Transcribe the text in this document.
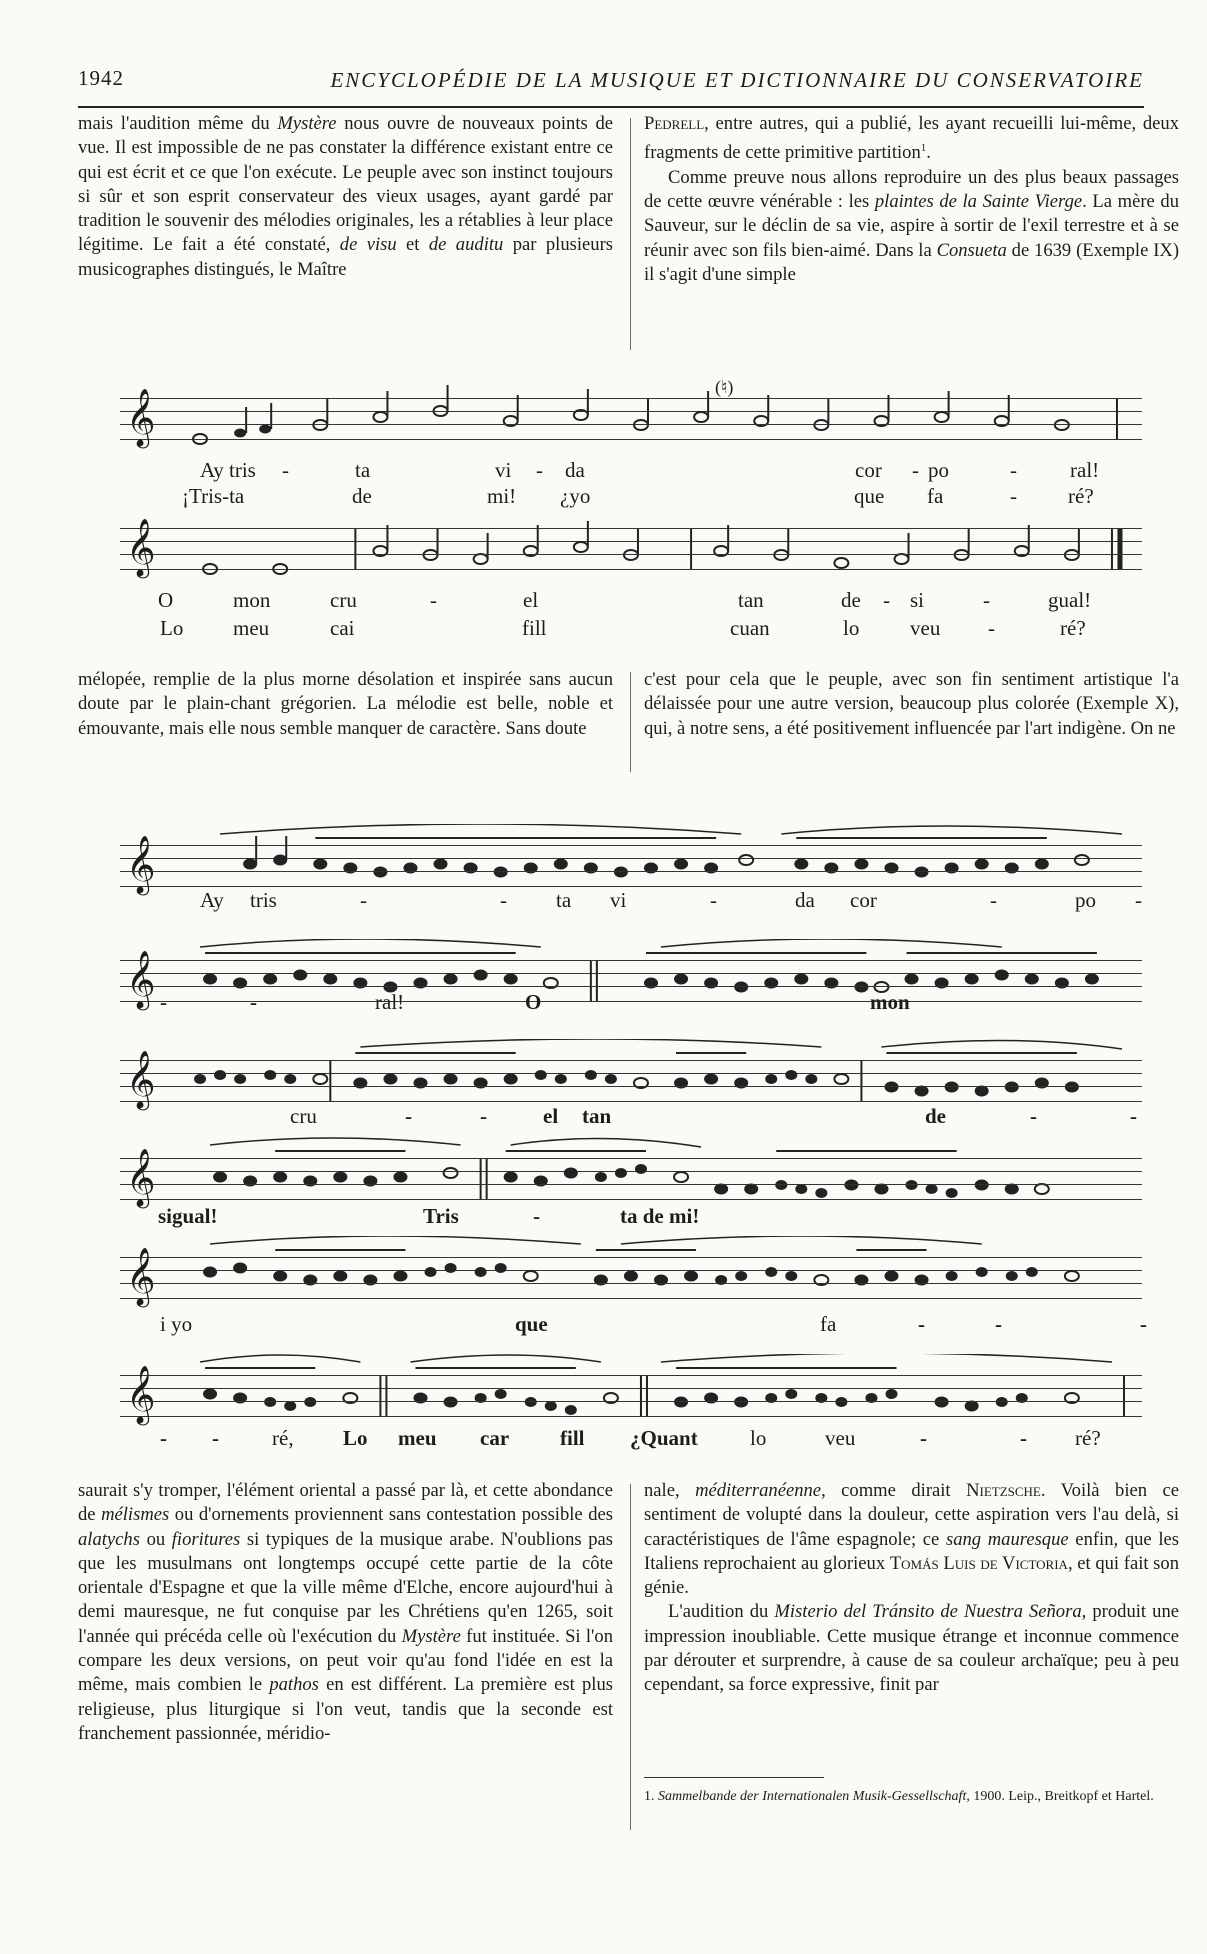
1942	ENCYCLOPÉDIE DE LA MUSIQUE ET DICTIONNAIRE DU CONSERVATOIRE

mais l'audition même du Mystère nous ouvre de nouveaux points de vue. Il est impossible de ne pas constater la différence existant entre ce qui est écrit et ce que l'on exécute. Le peuple avec son instinct toujours si sûr et son esprit conservateur des vieux usages, ayant gardé par tradition le souvenir des mélodies originales, les a rétablies à leur place légitime. Le fait a été constaté, de visu et de auditu par plusieurs musicographes distingués, le Maître

Pedrell, entre autres, qui a publié, les ayant recueilli lui-même, deux fragments de cette primitive partition$^1$.

Comme preuve nous allons reproduire un des plus beaux passages de cette œuvre vénérable : les plaintes de la Sainte Vierge. La mère du Sauveur, sur le déclin de sa vie, aspire à sortir de l'exil terrestre et à se réunir avec son fils bien-aimé. Dans la Consueta de 1639 (Exemple IX) il s'agit d'une simple

(♮)
𝄞
Ay tris -	ta	vi - da	cor - po	-	ral!
¡Tris-ta	de	mi! ¿yo	que fa	- ré?
𝄞
O	mon	cru	-	el	tan	de - si	-	gual!
Lo meu	cai	fill	cuan	lo veu -	ré?

mélopée, remplie de la plus morne désolation et inspirée sans aucun doute par le plain-chant grégorien. La mélodie est belle, noble et émouvante, mais elle nous semble manquer de caractère. Sans doute

c'est pour cela que le peuple, avec son fin sentiment artistique l'a délaissée pour une autre version, beaucoup plus colorée (Exemple X), qui, à notre sens, a été positivement influencée par l'art indigène. On ne

𝄞
Ay tris	-	- ta vi	-	da cor	-	po -
𝄞 -	-	ral!	O	mon
𝄞
cru	-	-	el tan	de	-	-
𝄞
sigual!	Tris	-	ta de mi!
𝄞
i yo	que	fa	-	-	-
𝄞
- -	ré, Lo meu car fill ¿Quant lo	veu	-	- ré?

saurait s'y tromper, l'élément oriental a passé par là, et cette abondance de mélismes ou d'ornements proviennent sans contestation possible des alatychs ou fioritures si typiques de la musique arabe. N'oublions pas que les musulmans ont longtemps occupé cette partie de la côte orientale d'Espagne et que la ville même d'Elche, encore aujourd'hui à demi mauresque, ne fut conquise par les Chrétiens qu'en 1265, soit l'année qui précéda celle où l'exécution du Mystère fut instituée. Si l'on compare les deux versions, on peut voir qu'au fond l'idée en est la même, mais combien le pathos en est différent. La première est plus religieuse, plus liturgique si l'on veut, tandis que la seconde est franchement passionnée, méridio-

nale, méditerranéenne, comme dirait Nietzsche. Voilà bien ce sentiment de volupté dans la douleur, cette aspiration vers l'au delà, si caractéristiques de l'âme espagnole; ce sang mauresque enfin, que les Italiens reprochaient au glorieux Tomás Luis de Victoria, et qui fait son génie.

L'audition du Misterio del Tránsito de Nuestra Señora, produit une impression inoubliable. Cette musique étrange et inconnue commence par dérouter et surprendre, à cause de sa couleur archaïque; peu à peu cependant, sa force expressive, finit par

1. Sammelbande der Internationalen Musik-Gessellschaft, 1900. Leip., Breitkopf et Hartel.
